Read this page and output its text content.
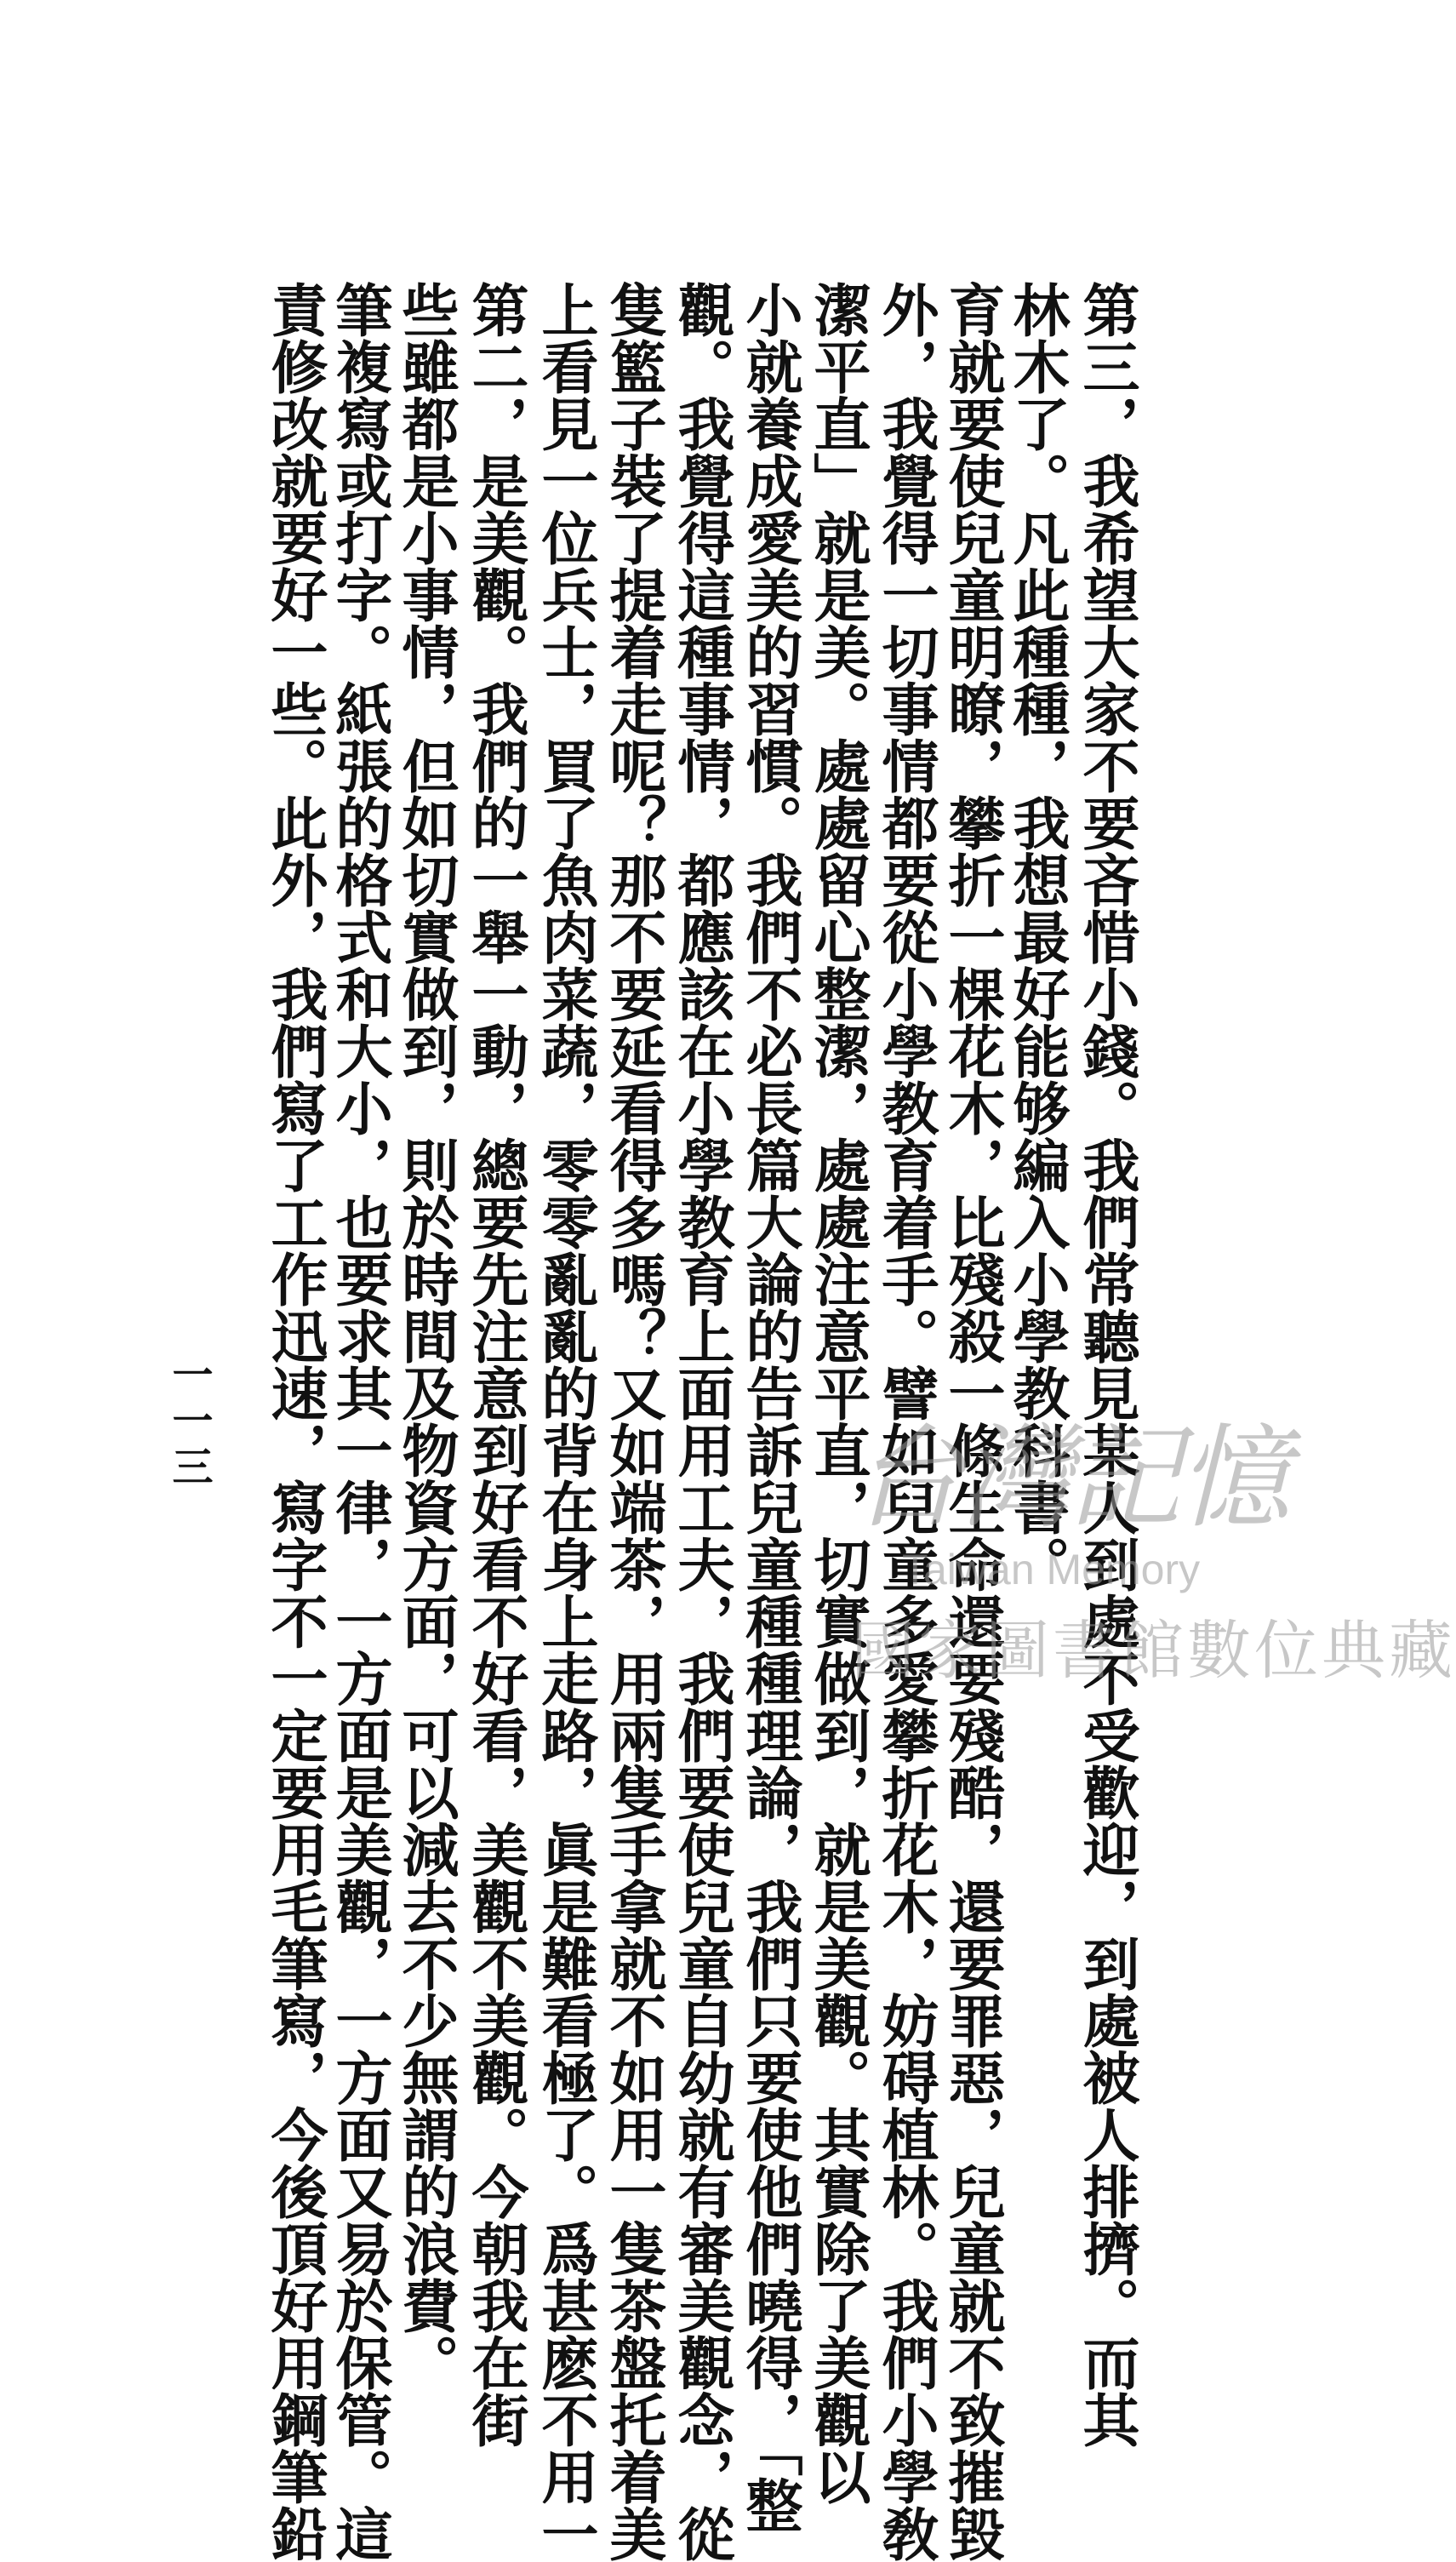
責修改就要好一些。此外，我們寫了工作迅速，寫字不一定要用毛筆寫，今後頂好用鋼筆鉛
筆複寫或打字。紙張的格式和大小，也要求其一律，一方面是美觀，一方面又易於保管。這 些雖都是小事情，但如切實做到，則於時間及物資方面，可以減去不少無謂的浪費。 第二，是美觀。我們的一舉一動，總要先注意到好看不好看，美觀不美觀。今朝我在街 上看見一位兵士，買了魚肉菜蔬，零零亂亂的背在身上走路，眞是難看極了。爲甚麽不用一 隻籃子裝了提着走呢？那不要延看得多嗎？又如端茶，用兩隻手拿就不如用一隻茶盤托着美 觀。我覺得這種事情，都應該在小學教育上面用工夫，我們要使兒童自幼就有審美觀念，從 小就養成愛美的習慣。我們不必長篇大論的告訴兒童種種理論，我們只要使他們曉得，「整 潔平直」就是美。處處留心整潔，處處注意平直，切實做到，就是美觀。其實除了美觀以 外，我覺得一切事情都要從小學教育着手。譬如兒童多愛攀折花木，妨碍植林。我們小學敎 育就要使兒童明瞭，攀折一棵花木，比殘殺一條生命還要殘酷，還要罪惡，兒童就不致摧毀
林木了。凡此種種，我想最好能够編入小學教科書。 第三，我希望大家不要吝惜小錢。我們常聽見某人到處不受歡迎，到處被人排擠。而其
一一三	台灣記憶
Taiwan Memory
國家圖書館數位典藏
